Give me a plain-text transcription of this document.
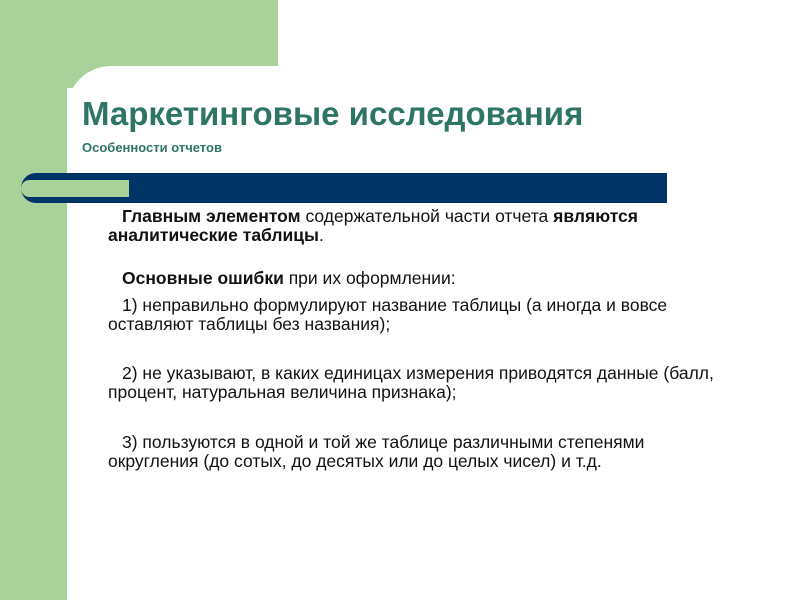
Маркетинговые исследования
Особенности отчетов

Главным элементом содержательной части отчета являются аналитические таблицы.

Основные ошибки при их оформлении:

1) неправильно формулируют название таблицы (а иногда и вовсе оставляют таблицы без названия);

2) не указывают, в каких единицах измерения приводятся данные (балл, процент, натуральная величина признака);

3) пользуются в одной и той же таблице различными степенями округления (до сотых, до десятых или до целых чисел) и т.д.
